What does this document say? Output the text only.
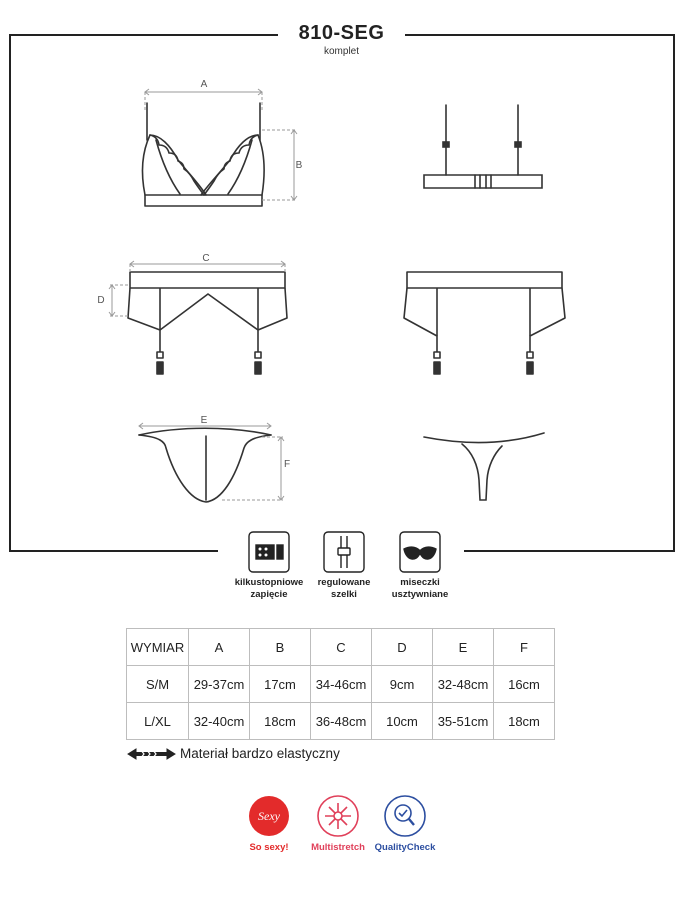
810-SEG
komplet
A
B
C
D
E
F
Sexy
kilkustopniowe
zapięcie
regulowane
szelki
miseczki
usztywniane
WYMIAR	A	B	C	D	E	F
S/M	29-37cm	17cm	34-46cm	9cm	32-48cm	16cm
L/XL	32-40cm	18cm	36-48cm	10cm	35-51cm	18cm
Materiał bardzo elastyczny
So sexy!	Multistretch	QualityCheck
